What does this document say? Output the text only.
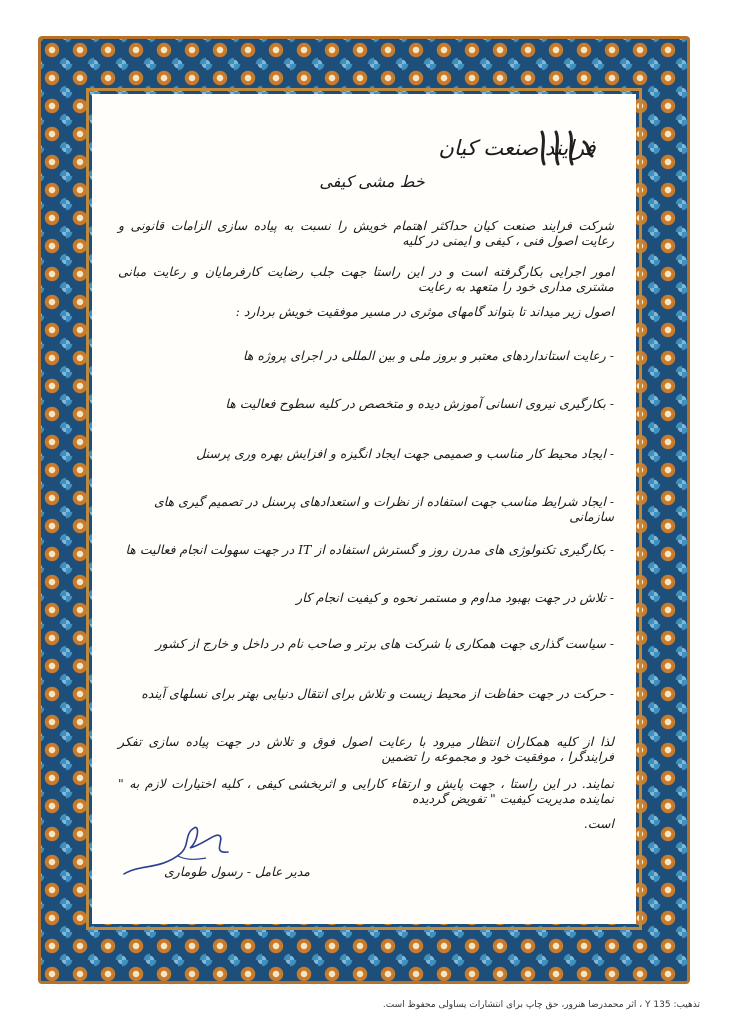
فرایند صنعت کیان
خط مشی کیفی
شرکت فرایند صنعت کیان حداکثر اهتمام خویش را نسبت به پیاده سازی الزامات قانونی و رعایت اصول فنی ، کیفی و ایمنی در کلیه
امور اجرایی بکارگرفته است و در این راستا جهت جلب رضایت کارفرمایان و رعایت مبانی مشتری مداری خود را متعهد به رعایت
اصول زیر میداند تا بتواند گامهای موثری در مسیر موفقیت خویش بردارد :
- رعایت استانداردهای معتبر و بروز ملی و بین المللی در اجرای پروژه ها
- بکارگیری نیروی انسانی آموزش دیده و متخصص در کلیه سطوح فعالیت ها
- ایجاد محیط کار مناسب و صمیمی جهت ایجاد انگیزه و افزایش بهره وری پرسنل
- ایجاد شرایط مناسب جهت استفاده از نظرات و استعدادهای پرسنل در تصمیم گیری های سازمانی
- بکارگیری تکنولوژی های مدرن روز و گسترش استفاده از IT در جهت سهولت انجام فعالیت ها
- تلاش در جهت بهبود مداوم و مستمر نحوه و کیفیت انجام کار
- سیاست گذاری جهت همکاری با شرکت های برتر و صاحب نام در داخل و خارج از کشور
- حرکت در جهت حفاظت از محیط زیست و تلاش برای انتقال دنیایی بهتر برای نسلهای آینده
لذا از کلیه همکاران انتظار میرود با رعایت اصول فوق و تلاش در جهت پیاده سازی تفکر فرایندگرا ، موفقیت خود و مجموعه را تضمین
نمایند. در این راستا ، جهت پایش و ارتقاء کارایی و اثربخشی کیفی ، کلیه اختیارات لازم به " نماینده مدیریت کیفیت " تفویض گردیده
است.
مدیر عامل - رسول طوماری
تذهیب: Y 135 ، اثر محمدرضا هنرور، حق چاپ برای انتشارات یساولی محفوظ است.
